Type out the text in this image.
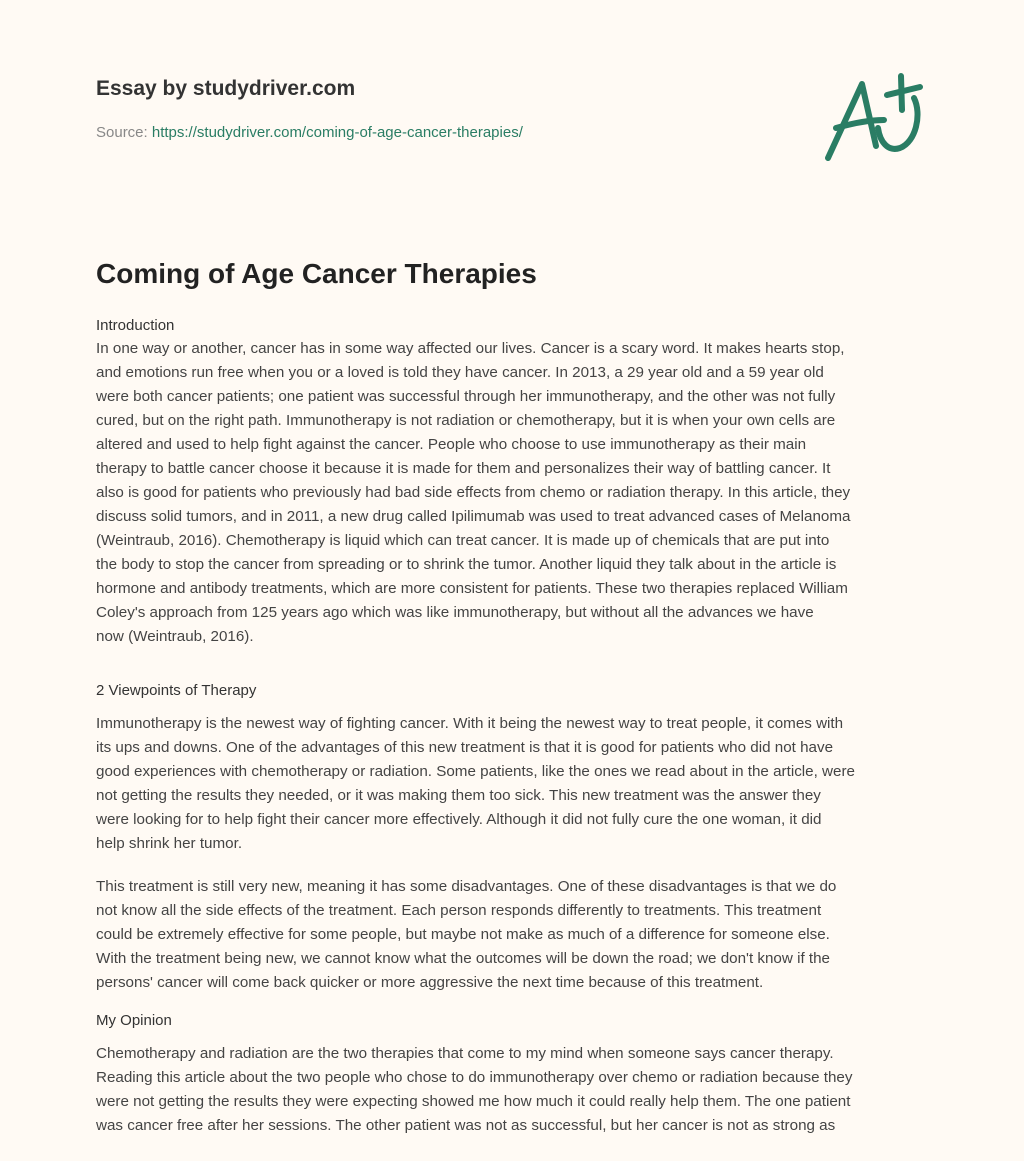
Essay by studydriver.com
Source: https://studydriver.com/coming-of-age-cancer-therapies/
Coming of Age Cancer Therapies
Introduction
In one way or another, cancer has in some way affected our lives. Cancer is a scary word. It makes hearts stop,
and emotions run free when you or a loved is told they have cancer. In 2013, a 29 year old and a 59 year old
were both cancer patients; one patient was successful through her immunotherapy, and the other was not fully
cured, but on the right path. Immunotherapy is not radiation or chemotherapy, but it is when your own cells are
altered and used to help fight against the cancer. People who choose to use immunotherapy as their main
therapy to battle cancer choose it because it is made for them and personalizes their way of battling cancer. It
also is good for patients who previously had bad side effects from chemo or radiation therapy. In this article, they
discuss solid tumors, and in 2011, a new drug called Ipilimumab was used to treat advanced cases of Melanoma
(Weintraub, 2016). Chemotherapy is liquid which can treat cancer. It is made up of chemicals that are put into
the body to stop the cancer from spreading or to shrink the tumor. Another liquid they talk about in the article is
hormone and antibody treatments, which are more consistent for patients. These two therapies replaced William
Coley's approach from 125 years ago which was like immunotherapy, but without all the advances we have
now (Weintraub, 2016).
2 Viewpoints of Therapy
Immunotherapy is the newest way of fighting cancer. With it being the newest way to treat people, it comes with
its ups and downs. One of the advantages of this new treatment is that it is good for patients who did not have
good experiences with chemotherapy or radiation. Some patients, like the ones we read about in the article, were
not getting the results they needed, or it was making them too sick. This new treatment was the answer they
were looking for to help fight their cancer more effectively. Although it did not fully cure the one woman, it did
help shrink her tumor.
This treatment is still very new, meaning it has some disadvantages. One of these disadvantages is that we do
not know all the side effects of the treatment. Each person responds differently to treatments. This treatment
could be extremely effective for some people, but maybe not make as much of a difference for someone else.
With the treatment being new, we cannot know what the outcomes will be down the road; we don't know if the
persons' cancer will come back quicker or more aggressive the next time because of this treatment.
My Opinion
Chemotherapy and radiation are the two therapies that come to my mind when someone says cancer therapy.
Reading this article about the two people who chose to do immunotherapy over chemo or radiation because they
were not getting the results they were expecting showed me how much it could really help them. The one patient
was cancer free after her sessions. The other patient was not as successful, but her cancer is not as strong as
